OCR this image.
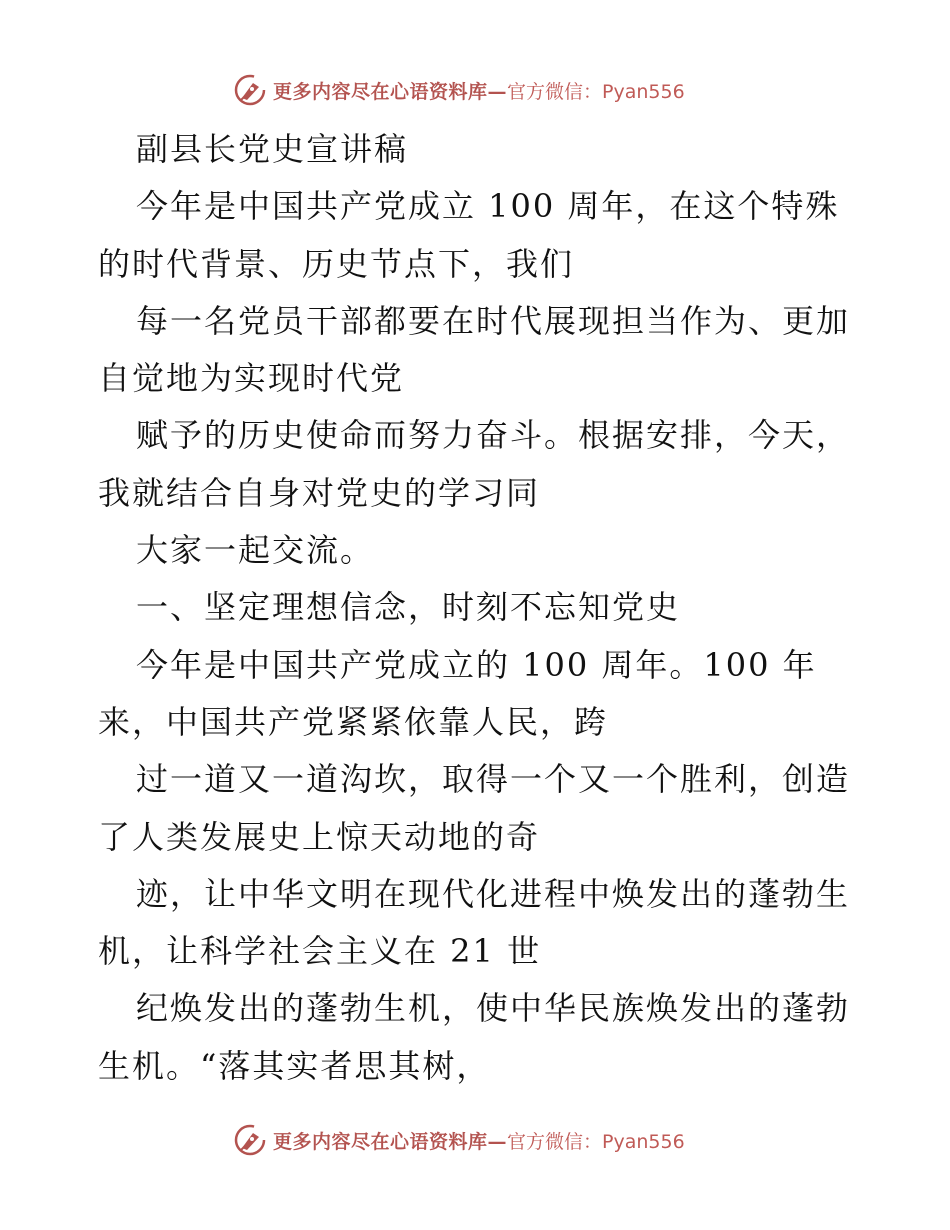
更多内容尽在心语资料库— 官方微信：Pyan556
副县长党史宣讲稿
今年是中国共产党成立 100 周年，在这个特殊
的时代背景、历史节点下，我们
每一名党员干部都要在时代展现担当作为、更加
自觉地为实现时代党
赋予的历史使命而努力奋斗。根据安排，今天，
我就结合自身对党史的学习同
大家一起交流。
一、坚定理想信念，时刻不忘知党史
今年是中国共产党成立的 100 周年。100 年
来，中国共产党紧紧依靠人民，跨
过一道又一道沟坎，取得一个又一个胜利，创造
了人类发展史上惊天动地的奇
迹，让中华文明在现代化进程中焕发出的蓬勃生
机，让科学社会主义在 21 世
纪焕发出的蓬勃生机，使中华民族焕发出的蓬勃
生机。“落其实者思其树，
更多内容尽在心语资料库— 官方微信：Pyan556
